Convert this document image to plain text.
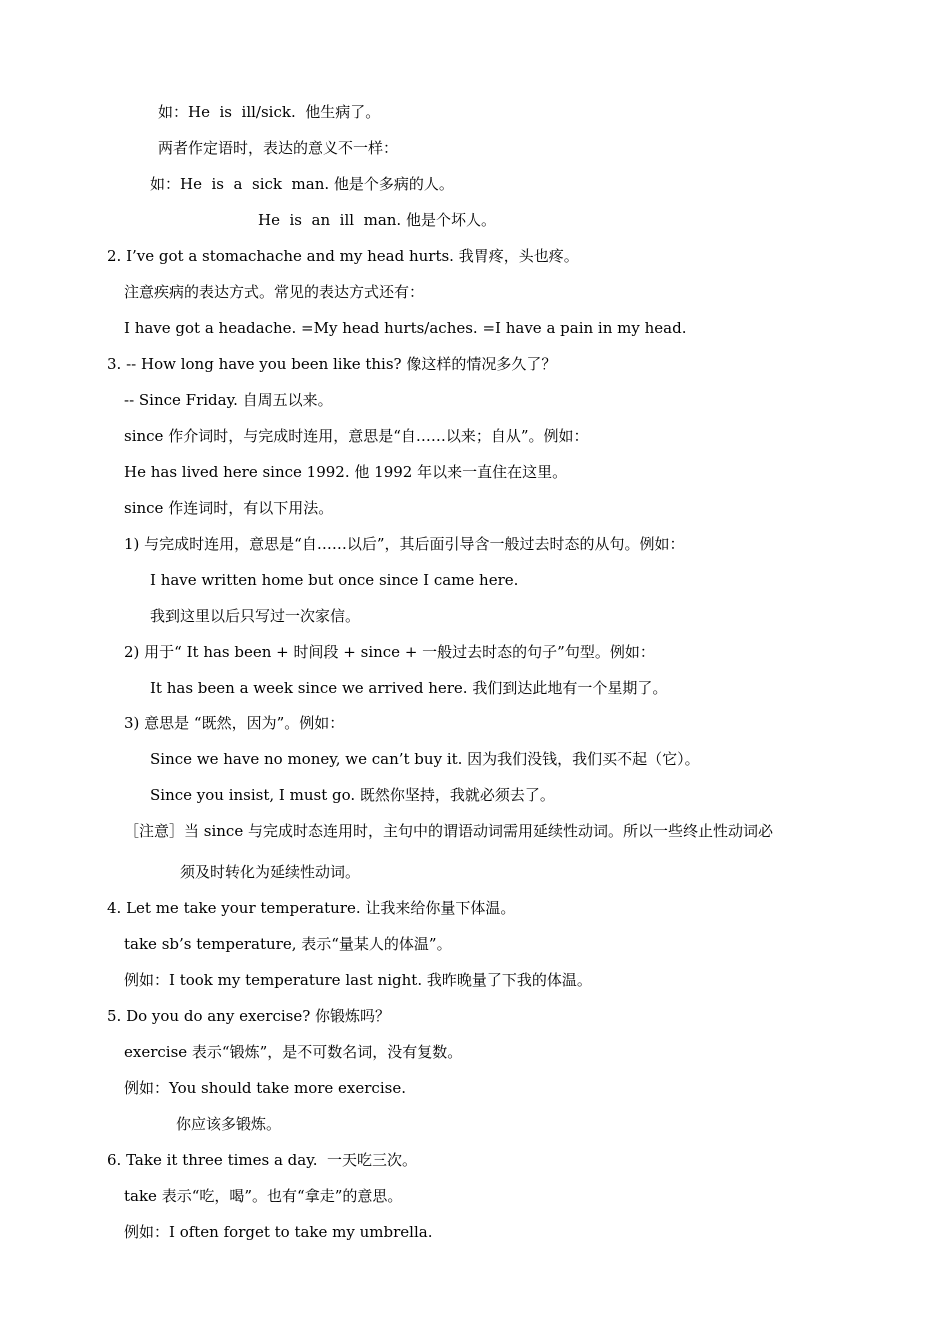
如：He  is  ill/sick.  他生病了。
两者作定语时，表达的意义不一样：
如：He  is  a  sick  man. 他是个多病的人。
He  is  an  ill  man. 他是个坏人。
2. I’ve got a stomachache and my head hurts. 我胃疼，头也疼。
注意疾病的表达方式。常见的表达方式还有：
I have got a headache. =My head hurts/aches. =I have a pain in my head.
3. -- How long have you been like this? 像这样的情况多久了？
-- Since Friday. 自周五以来。
since 作介词时，与完成时连用，意思是“自……以来；自从”。例如：
He has lived here since 1992. 他 1992 年以来一直住在这里。
since 作连词时，有以下用法。
1) 与完成时连用，意思是“自……以后”，其后面引导含一般过去时态的从句。例如：
I have written home but once since I came here.
我到这里以后只写过一次家信。
2) 用于“ It has been + 时间段 + since + 一般过去时态的句子”句型。例如：
It has been a week since we arrived here. 我们到达此地有一个星期了。
3) 意思是 “既然，因为”。例如：
Since we have no money, we can’t buy it. 因为我们没钱，我们买不起（它）。
Since you insist, I must go. 既然你坚持，我就必须去了。
［注意］当 since 与完成时态连用时，主句中的谓语动词需用延续性动词。所以一些终止性动词必
须及时转化为延续性动词。
4. Let me take your temperature. 让我来给你量下体温。
take sb’s temperature, 表示“量某人的体温”。
例如：I took my temperature last night. 我昨晚量了下我的体温。
5. Do you do any exercise? 你锻炼吗？
exercise 表示“锻炼”，是不可数名词，没有复数。
例如：You should take more exercise.
你应该多锻炼。
6. Take it three times a day.  一天吃三次。
take 表示“吃，喝”。也有“拿走”的意思。
例如：I often forget to take my umbrella.
